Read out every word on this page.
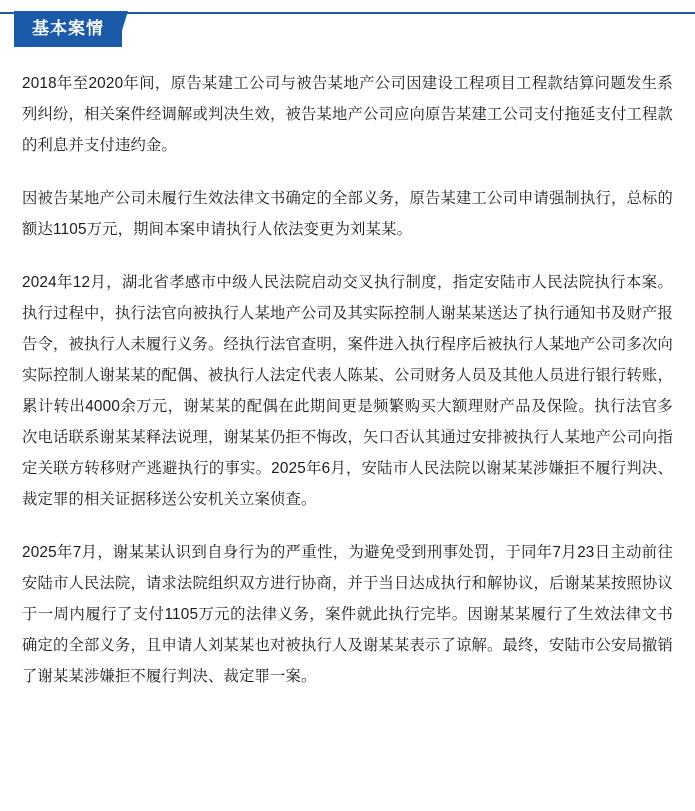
基本案情

2018年至2020年间，原告某建工公司与被告某地产公司因建设工程项目工程款结算问题发生系列纠纷，相关案件经调解或判决生效，被告某地产公司应向原告某建工公司支付拖延支付工程款的利息并支付违约金。

因被告某地产公司未履行生效法律文书确定的全部义务，原告某建工公司申请强制执行，总标的额达1105万元，期间本案申请执行人依法变更为刘某某。

2024年12月，湖北省孝感市中级人民法院启动交叉执行制度，指定安陆市人民法院执行本案。执行过程中，执行法官向被执行人某地产公司及其实际控制人谢某某送达了执行通知书及财产报告令，被执行人未履行义务。经执行法官查明，案件进入执行程序后被执行人某地产公司多次向实际控制人谢某某的配偶、被执行人法定代表人陈某、公司财务人员及其他人员进行银行转账，累计转出4000余万元，谢某某的配偶在此期间更是频繁购买大额理财产品及保险。执行法官多次电话联系谢某某释法说理，谢某某仍拒不悔改，矢口否认其通过安排被执行人某地产公司向指定关联方转移财产逃避执行的事实。2025年6月，安陆市人民法院以谢某某涉嫌拒不履行判决、裁定罪的相关证据移送公安机关立案侦查。

2025年7月，谢某某认识到自身行为的严重性，为避免受到刑事处罚，于同年7月23日主动前往安陆市人民法院，请求法院组织双方进行协商，并于当日达成执行和解协议，后谢某某按照协议于一周内履行了支付1105万元的法律义务，案件就此执行完毕。因谢某某履行了生效法律文书确定的全部义务，且申请人刘某某也对被执行人及谢某某表示了谅解。最终，安陆市公安局撤销了谢某某涉嫌拒不履行判决、裁定罪一案。
